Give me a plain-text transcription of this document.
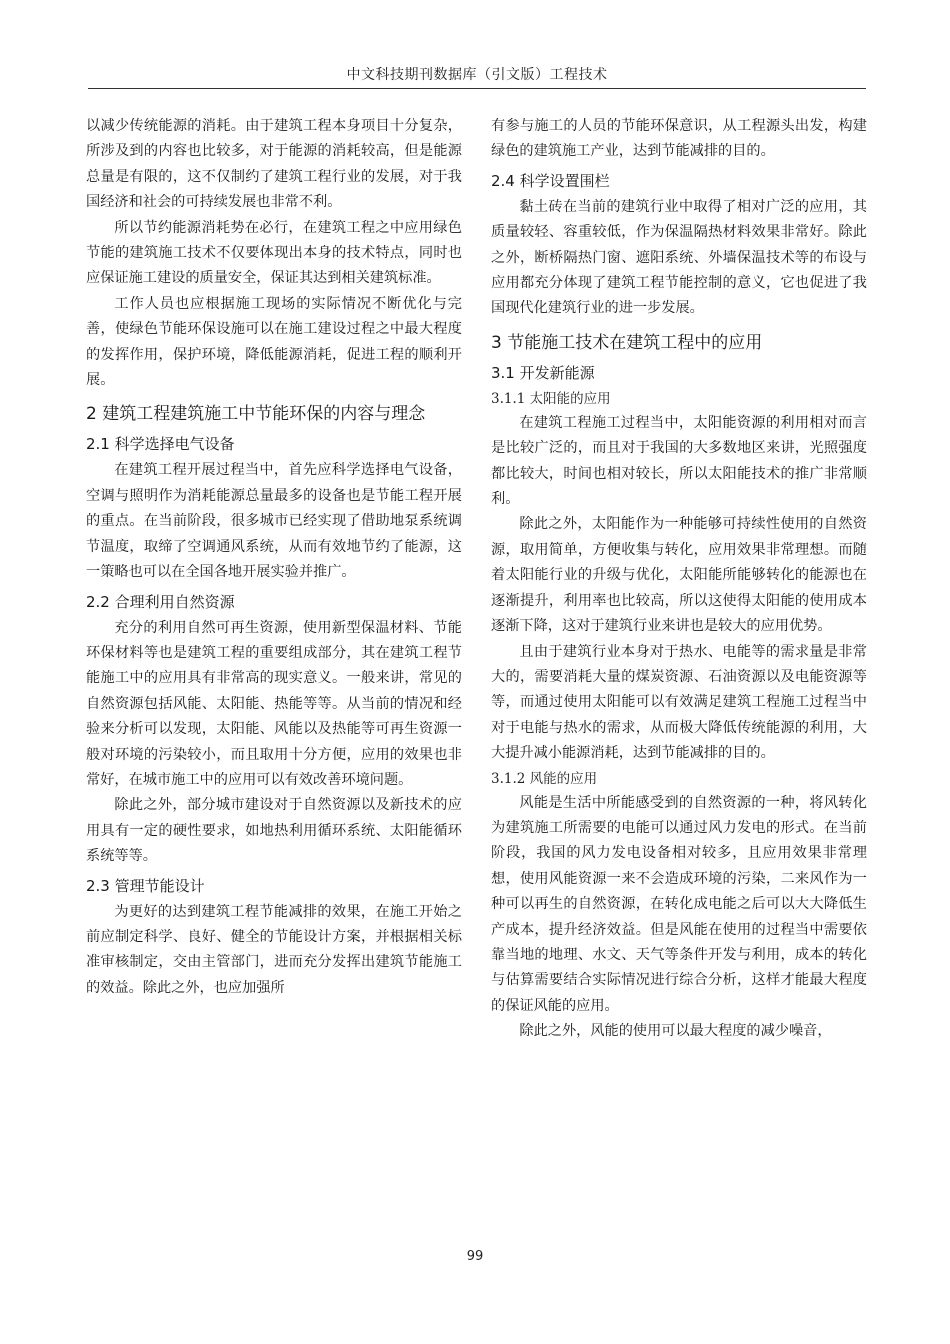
中文科技期刊数据库（引文版）工程技术

以减少传统能源的消耗。由于建筑工程本身项目十分复杂，所涉及到的内容也比较多，对于能源的消耗较高，但是能源总量是有限的，这不仅制约了建筑工程行业的发展，对于我国经济和社会的可持续发展也非常不利。

所以节约能源消耗势在必行，在建筑工程之中应用绿色节能的建筑施工技术不仅要体现出本身的技术特点，同时也应保证施工建设的质量安全，保证其达到相关建筑标准。

工作人员也应根据施工现场的实际情况不断优化与完善，使绿色节能环保设施可以在施工建设过程之中最大程度的发挥作用，保护环境，降低能源消耗，促进工程的顺利开展。

2 建筑工程建筑施工中节能环保的内容与理念
2.1 科学选择电气设备

在建筑工程开展过程当中，首先应科学选择电气设备，空调与照明作为消耗能源总量最多的设备也是节能工程开展的重点。在当前阶段，很多城市已经实现了借助地泵系统调节温度，取缔了空调通风系统，从而有效地节约了能源，这一策略也可以在全国各地开展实验并推广。

2.2 合理利用自然资源

充分的利用自然可再生资源，使用新型保温材料、节能环保材料等也是建筑工程的重要组成部分，其在建筑工程节能施工中的应用具有非常高的现实意义。一般来讲，常见的自然资源包括风能、太阳能、热能等等。从当前的情况和经验来分析可以发现，太阳能、风能以及热能等可再生资源一般对环境的污染较小，而且取用十分方便，应用的效果也非常好，在城市施工中的应用可以有效改善环境问题。

除此之外，部分城市建设对于自然资源以及新技术的应用具有一定的硬性要求，如地热利用循环系统、太阳能循环系统等等。

2.3 管理节能设计

为更好的达到建筑工程节能减排的效果，在施工开始之前应制定科学、良好、健全的节能设计方案，并根据相关标准审核制定，交由主管部门，进而充分发挥出建筑节能施工的效益。除此之外，也应加强所

有参与施工的人员的节能环保意识，从工程源头出发，构建绿色的建筑施工产业，达到节能减排的目的。

2.4 科学设置围栏

黏土砖在当前的建筑行业中取得了相对广泛的应用，其质量较轻、容重较低，作为保温隔热材料效果非常好。除此之外，断桥隔热门窗、遮阳系统、外墙保温技术等的布设与应用都充分体现了建筑工程节能控制的意义，它也促进了我国现代化建筑行业的进一步发展。

3 节能施工技术在建筑工程中的应用
3.1 开发新能源
3.1.1 太阳能的应用

在建筑工程施工过程当中，太阳能资源的利用相对而言是比较广泛的，而且对于我国的大多数地区来讲，光照强度都比较大，时间也相对较长，所以太阳能技术的推广非常顺利。

除此之外，太阳能作为一种能够可持续性使用的自然资源，取用简单，方便收集与转化，应用效果非常理想。而随着太阳能行业的升级与优化，太阳能所能够转化的能源也在逐渐提升，利用率也比较高，所以这使得太阳能的使用成本逐渐下降，这对于建筑行业来讲也是较大的应用优势。

且由于建筑行业本身对于热水、电能等的需求量是非常大的，需要消耗大量的煤炭资源、石油资源以及电能资源等等，而通过使用太阳能可以有效满足建筑工程施工过程当中对于电能与热水的需求，从而极大降低传统能源的利用，大大提升减小能源消耗，达到节能减排的目的。

3.1.2 风能的应用

风能是生活中所能感受到的自然资源的一种，将风转化为建筑施工所需要的电能可以通过风力发电的形式。在当前阶段，我国的风力发电设备相对较多，且应用效果非常理想，使用风能资源一来不会造成环境的污染，二来风作为一种可以再生的自然资源，在转化成电能之后可以大大降低生产成本，提升经济效益。但是风能在使用的过程当中需要依靠当地的地理、水文、天气等条件开发与利用，成本的转化与估算需要结合实际情况进行综合分析，这样才能最大程度的保证风能的应用。

除此之外，风能的使用可以最大程度的减少噪音，

99
